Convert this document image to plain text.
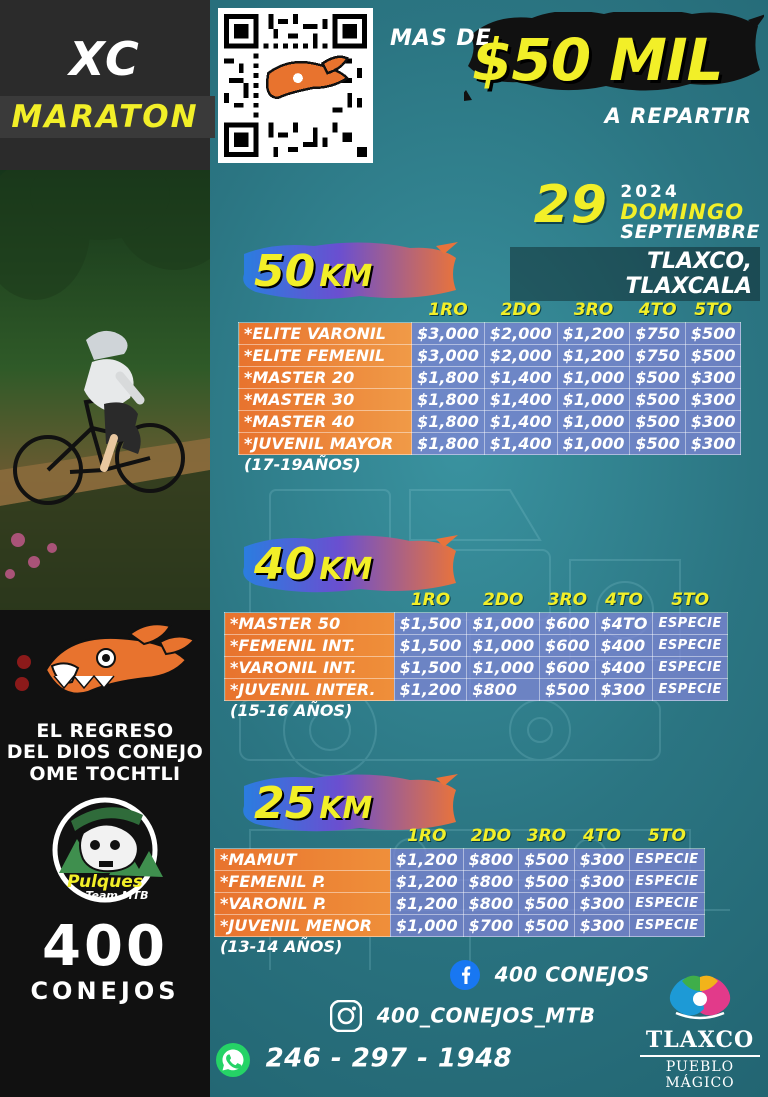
XC
MARATON
EL REGRESO
DEL DIOS CONEJO
OME TOCHTLI
Pulques
Team MTB
400
CONEJOS
MAS DE
$50 MIL
A REPARTIR
29 2024
DOMINGO
SEPTIEMBRE
TLAXCO, TLAXCALA
50 KM
	1RO	2DO	3RO	4TO	5TO
*ELITE VARONIL	$3,000	$2,000	$1,200	$750	$500
*ELITE FEMENIL	$3,000	$2,000	$1,200	$750	$500
*MASTER 20	$1,800	$1,400	$1,000	$500	$300
*MASTER 30	$1,800	$1,400	$1,000	$500	$300
*MASTER 40	$1,800	$1,400	$1,000	$500	$300
*JUVENIL MAYOR	$1,800	$1,400	$1,000	$500	$300
(17-19AÑOS)
40 KM
	1RO	2DO	3RO	4TO	5TO
*MASTER 50	$1,500	$1,000	$600	$4TO	ESPECIE
*FEMENIL INT.	$1,500	$1,000	$600	$400	ESPECIE
*VARONIL INT.	$1,500	$1,000	$600	$400	ESPECIE
*JUVENIL INTER.	$1,200	$800	$500	$300	ESPECIE
(15-16 AÑOS)
25 KM
	1RO	2DO	3RO	4TO	5TO
*MAMUT	$1,200	$800	$500	$300	ESPECIE
*FEMENIL P.	$1,200	$800	$500	$300	ESPECIE
*VARONIL P.	$1,200	$800	$500	$300	ESPECIE
*JUVENIL MENOR	$1,000	$700	$500	$300	ESPECIE
(13-14 AÑOS)
400 CONEJOS
400_CONEJOS_MTB
246 - 297 - 1948
TLAXCO
PUEBLO MÁGICO
